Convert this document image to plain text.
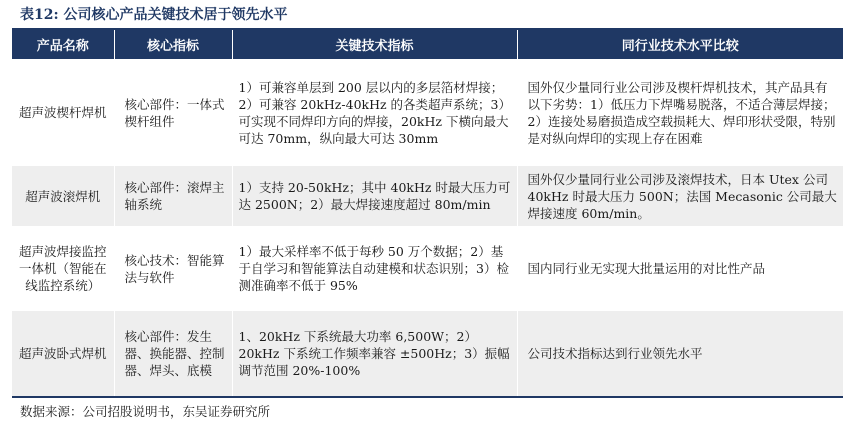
表12: 公司核心产品关键技术居于领先水平
产品名称	核心指标	关键技术指标	同行业技术水平比较
超声波楔杆焊机	核心部件：一体式楔杆组件	1）可兼容单层到 200 层以内的多层箔材焊接；2）可兼容 20kHz-40kHz 的各类超声系统；3）可实现不同焊印方向的焊接，20kHz 下横向最大可达 70mm，纵向最大可达 30mm	国外仅少量同行业公司涉及楔杆焊机技术，其产品具有以下劣势：1）低压力下焊嘴易脱落，不适合薄层焊接；2）连接处易磨损造成空载损耗大、焊印形状受限，特别是对纵向焊印的实现上存在困难
超声波滚焊机	核心部件：滚焊主轴系统	1）支持 20-50kHz；其中 40kHz 时最大压力可达 2500N；2）最大焊接速度超过 80m/min	国外仅少量同行业公司涉及滚焊技术，日本 Utex 公司 40kHz 时最大压力 500N；法国 Mecasonic 公司最大焊接速度 60m/min。
超声波焊接监控一体机（智能在线监控系统）	核心技术：智能算法与软件	1）最大采样率不低于每秒 50 万个数据；2）基于自学习和智能算法自动建模和状态识别；3）检测准确率不低于 95%	国内同行业无实现大批量运用的对比性产品
超声波卧式焊机	核心部件：发生器、换能器、控制器、焊头、底模	1、20kHz 下系统最大功率 6,500W；2）20kHz 下系统工作频率兼容 ±500Hz；3）振幅调节范围 20%-100%	公司技术指标达到行业领先水平
数据来源：公司招股说明书，东吴证券研究所
